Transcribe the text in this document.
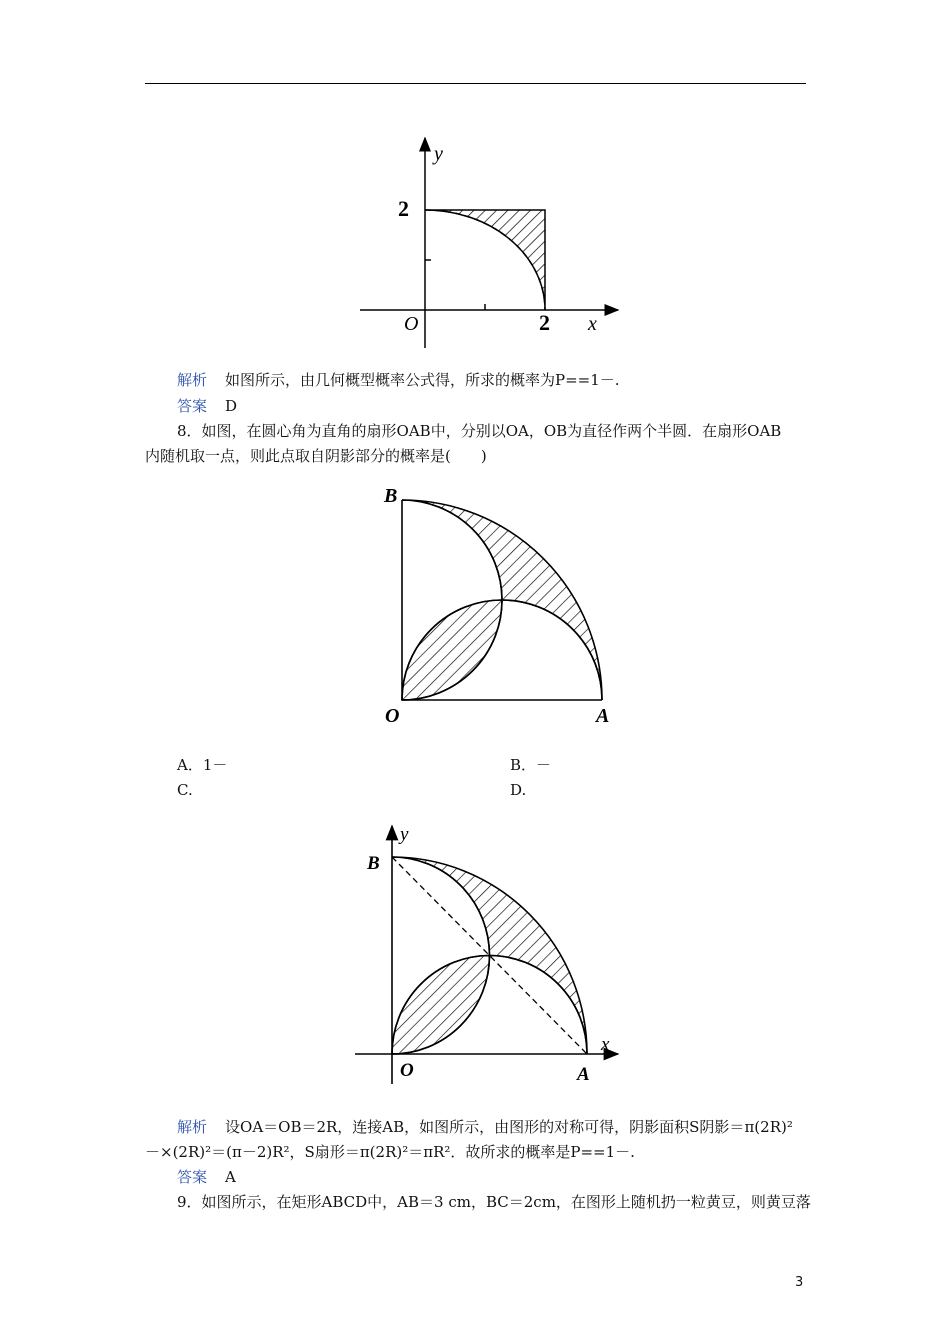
y
x
O
2
2
解析 如图所示，由几何概型概率公式得，所求的概率为P==1－.
答案 D
8．如图，在圆心角为直角的扇形OAB中，分别以OA，OB为直径作两个半圆．在扇形OAB
内随机取一点，则此点取自阴影部分的概率是(　　)
B
O	A
A．1－	B．－
C.	D.
y
x
B
O	A
解析 设OA＝OB＝2R，连接AB，如图所示，由图形的对称可得，阴影面积S阴影＝π(2R)²
－×(2R)²＝(π－2)R²，S扇形＝π(2R)²＝πR²．故所求的概率是P==1－.
答案 A
9．如图所示，在矩形ABCD中，AB＝3 cm，BC＝2cm，在图形上随机扔一粒黄豆，则黄豆落
3
